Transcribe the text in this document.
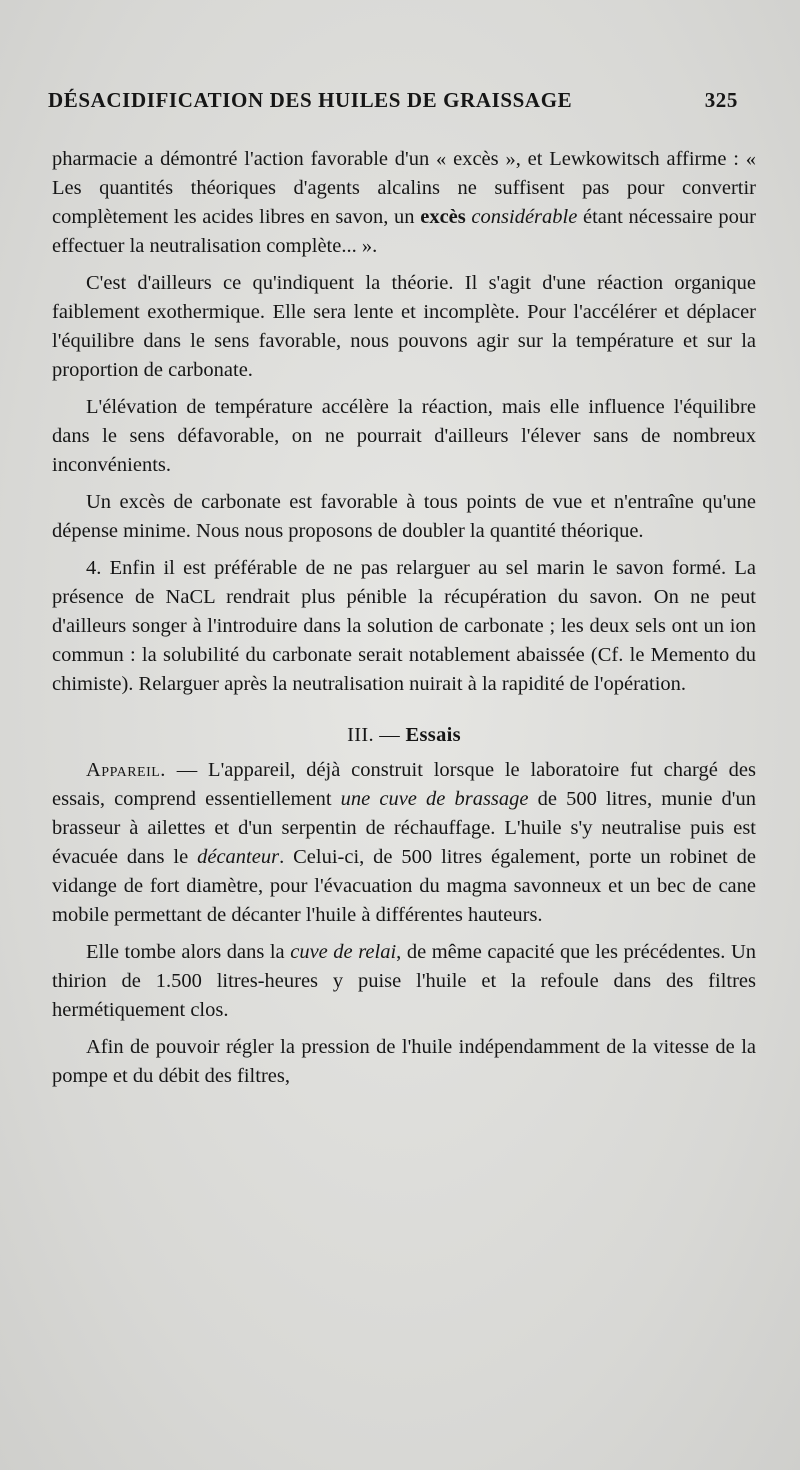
DÉSACIDIFICATION DES HUILES DE GRAISSAGE	325

pharmacie a démontré l'action favorable d'un « excès », et Lewkowitsch affirme : « Les quantités théoriques d'agents alcalins ne suffisent pas pour convertir complètement les acides libres en savon, un excès considérable étant nécessaire pour effectuer la neutralisation complète... ».

C'est d'ailleurs ce qu'indiquent la théorie. Il s'agit d'une réaction organique faiblement exothermique. Elle sera lente et incomplète. Pour l'accélérer et déplacer l'équilibre dans le sens favorable, nous pouvons agir sur la température et sur la proportion de carbonate.

L'élévation de température accélère la réaction, mais elle influence l'équilibre dans le sens défavorable, on ne pourrait d'ailleurs l'élever sans de nombreux inconvénients.

Un excès de carbonate est favorable à tous points de vue et n'entraîne qu'une dépense minime. Nous nous proposons de doubler la quantité théorique.

4. Enfin il est préférable de ne pas relarguer au sel marin le savon formé. La présence de NaCL rendrait plus pénible la récupération du savon. On ne peut d'ailleurs songer à l'introduire dans la solution de carbonate ; les deux sels ont un ion commun : la solubilité du carbonate serait notablement abaissée (Cf. le Memento du chimiste). Relarguer après la neutralisation nuirait à la rapidité de l'opération.

III. — Essais

Appareil. — L'appareil, déjà construit lorsque le laboratoire fut chargé des essais, comprend essentiellement une cuve de brassage de 500 litres, munie d'un brasseur à ailettes et d'un serpentin de réchauffage. L'huile s'y neutralise puis est évacuée dans le décanteur. Celui-ci, de 500 litres également, porte un robinet de vidange de fort diamètre, pour l'évacuation du magma savonneux et un bec de cane mobile permettant de décanter l'huile à différentes hauteurs.

Elle tombe alors dans la cuve de relai, de même capacité que les précédentes. Un thirion de 1.500 litres-heures y puise l'huile et la refoule dans des filtres hermétiquement clos.

Afin de pouvoir régler la pression de l'huile indépendamment de la vitesse de la pompe et du débit des filtres,
